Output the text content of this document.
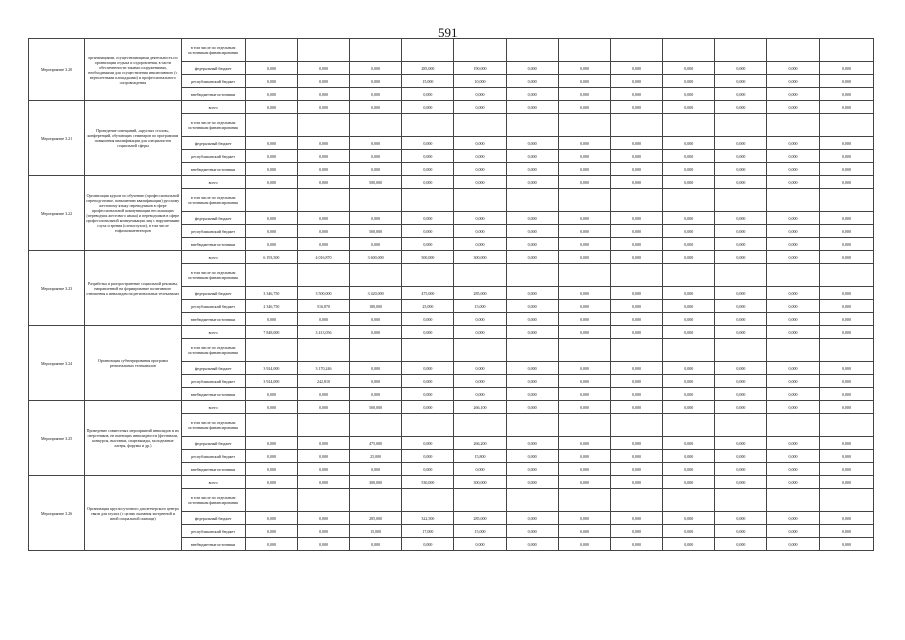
591
Мероприятие 3.20	организациями, осуществляющими деятельность по организации отдыха и оздоровления, в части обеспеченности такими сооружениями, необходимыми для осуществления инклюзивного (с вертолетными площадками) и профессионального сопровождения	в том числе по отдельным источникам финансирования												
		федеральный бюджет	0,000	0,000	0,000	285,000	190,000	0,000	0,000	0,000	0,000	0,000	0,000	0,000
		республиканский бюджет	0,000	0,000	0,000	15,000	10,000	0,000	0,000	0,000	0,000	0,000	0,000	0,000
		внебюджетные источники	0,000	0,000	0,000	0,000	0,000	0,000	0,000	0,000	0,000	0,000	0,000	0,000
Мероприятие 3.21	Проведение совещаний, «круглых столов», конференций, обучающих семинаров по программам повышения квалификации для специалистов социальной сферы	всего	0,000	0,000	0,000	0,000	0,000	0,000	0,000	0,000	0,000	0,000	0,000	0,000
		в том числе по отдельным источникам финансирования												
		федеральный бюджет	0,000	0,000	0,000	0,000	0,000	0,000	0,000	0,000	0,000	0,000	0,000	0,000
		республиканский бюджет	0,000	0,000	0,000	0,000	0,000	0,000	0,000	0,000	0,000	0,000	0,000	0,000
		внебюджетные источники	0,000	0,000	0,000	0,000	0,000	0,000	0,000	0,000	0,000	0,000	0,000	0,000
Мероприятие 3.22	Организация курсов по обучению (профессиональной переподготовке, повышению квалификации) русскому жестовому языку переводчиков в сфере профессиональной коммуникации неслышащих (переводчик жестового языка) и переводчиков в сфере профессиональной коммуникации лиц с нарушениями слуха и зрения (слепоглухих), в том числе тифлокомментаторов	всего	0,000	0,000	500,000	0,000	0,000	0,000	0,000	0,000	0,000	0,000	0,000	0,000
		в том числе по отдельным источникам финансирования												
		федеральный бюджет	0,000	0,000	0,000	0,000	0,000	0,000	0,000	0,000	0,000	0,000	0,000	0,000
		республиканский бюджет	0,000	0,000	500,000	0,000	0,000	0,000	0,000	0,000	0,000	0,000	0,000	0,000
		внебюджетные источники	0,000	0,000	0,000	0,000	0,000	0,000	0,000	0,000	0,000	0,000	0,000	0,000
Мероприятие 3.23	Разработка и распространение социальной рекламы, направленной на формирование позитивного отношения к инвалидам на региональных телеканалах	всего	6 193,500	4 016,870	3 600,000	500,000	300,000	0,000	0,000	0,000	0,000	0,000	0,000	0,000
		в том числе по отдельным источникам финансирования												
		федеральный бюджет	3 346,750	3 500,000	3 420,000	475,000	285,000	0,000	0,000	0,000	0,000	0,000	0,000	0,000
		республиканский бюджет	2 346,750	516,870	180,000	25,000	15,000	0,000	0,000	0,000	0,000	0,000	0,000	0,000
		внебюджетные источники	0,000	0,000	0,000	0,000	0,000	0,000	0,000	0,000	0,000	0,000	0,000	0,000
Мероприятие 3.24	Организация субтитрирования программ региональных телеканалов	всего	7 848,000	3 413,056	0,000	0,000	0,000	0,000	0,000	0,000	0,000	0,000	0,000	0,000
		в том числе по отдельным источникам финансирования												
		федеральный бюджет	3 924,000	3 170,246	0,000	0,000	0,000	0,000	0,000	0,000	0,000	0,000	0,000	0,000
		республиканский бюджет	3 924,000	242,810	0,000	0,000	0,000	0,000	0,000	0,000	0,000	0,000	0,000	0,000
		внебюджетные источники	0,000	0,000	0,000	0,000	0,000	0,000	0,000	0,000	0,000	0,000	0,000	0,000
Мероприятие 3.25	Проведение совместных мероприятий инвалидов и их сверстников, не имеющих инвалидности (фестивали, конкурсы, выставки, спартакиады, молодежные лагеря, форумы и др.)	всего	0,000	0,000	500,000	0,000	266,100	0,000	0,000	0,000	0,000	0,000	0,000	0,000
		в том числе по отдельным источникам финансирования												
		федеральный бюджет	0,000	0,000	475,000	0,000	266,200	0,000	0,000	0,000	0,000	0,000	0,000	0,000
		республиканский бюджет	0,000	0,000	25,000	0,000	15,800	0,000	0,000	0,000	0,000	0,000	0,000	0,000
		внебюджетные источники	0,000	0,000	0,000	0,000	0,000	0,000	0,000	0,000	0,000	0,000	0,000	0,000
Мероприятие 3.26	Организация круглосуточного диспетчерского центра связи для глухих (с целью оказания экстренной и иной социальной помощи)	всего	0,000	0,000	300,000	530,000	300,000	0,000	0,000	0,000	0,000	0,000	0,000	0,000
		в том числе по отдельным источникам финансирования												
		федеральный бюджет	0,000	0,000	285,000	322,500	285,000	0,000	0,000	0,000	0,000	0,000	0,000	0,000
		республиканский бюджет	0,000	0,000	15,000	17,000	15,000	0,000	0,000	0,000	0,000	0,000	0,000	0,000
		внебюджетные источники	0,000	0,000	0,000	0,000	0,000	0,000	0,000	0,000	0,000	0,000	0,000	0,000
